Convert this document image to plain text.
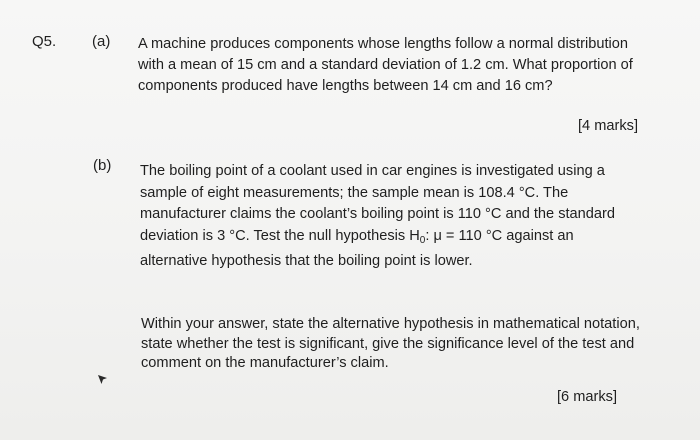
Q5. (a) A machine produces components whose lengths follow a normal distribution
with a mean of 15 cm and a standard deviation of 1.2 cm. What proportion of
components produced have lengths between 14 cm and 16 cm?
[4 marks]
(b) The boiling point of a coolant used in car engines is investigated using a
sample of eight measurements; the sample mean is 108.4 °C. The
manufacturer claims the coolant’s boiling point is 110 °C and the standard
deviation is 3 °C. Test the null hypothesis $H_0$: μ = 110 °C against an
alternative hypothesis that the boiling point is lower.
Within your answer, state the alternative hypothesis in mathematical notation,
state whether the test is significant, give the significance level of the test and
comment on the manufacturer’s claim.
[6 marks]
